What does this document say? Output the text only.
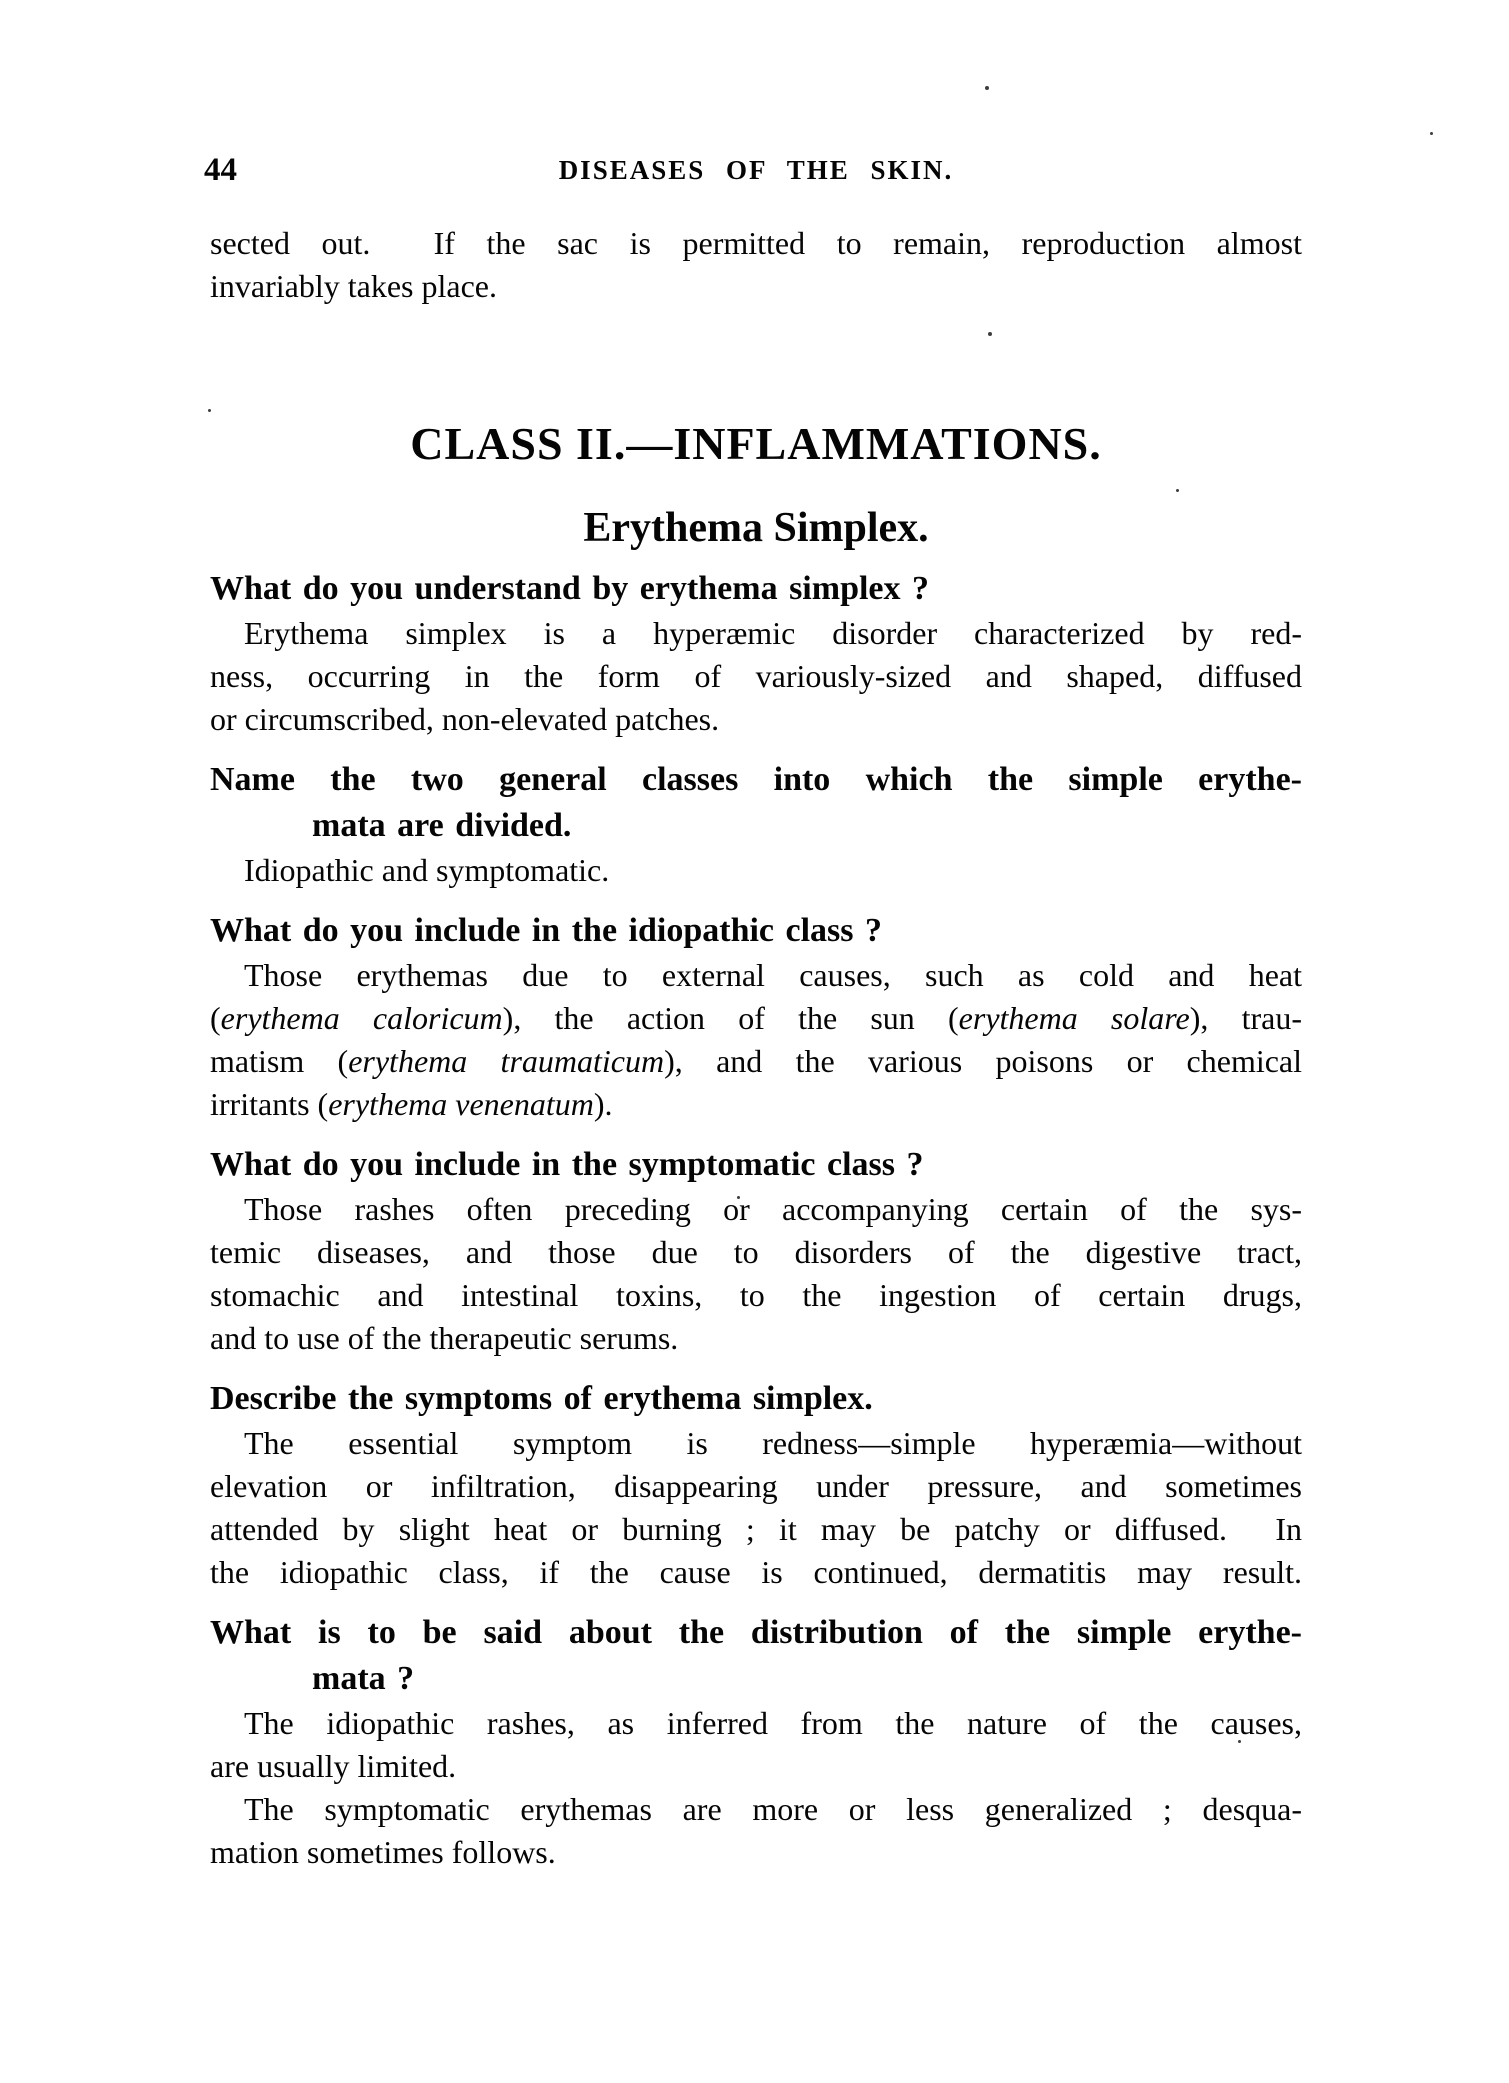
44	DISEASES OF THE SKIN.
sected out.  If the sac is permitted to remain, reproduction almost
invariably takes place.
CLASS II.—INFLAMMATIONS.
Erythema Simplex.
What do you understand by erythema simplex ?
Erythema simplex is a hyperæmic disorder characterized by red-
ness, occurring in the form of variously-sized and shaped, diffused
or circumscribed, non-elevated patches.
Name the two general classes into which the simple erythe-
mata are divided.
Idiopathic and symptomatic.
What do you include in the idiopathic class ?
Those erythemas due to external causes, such as cold and heat
(erythema caloricum), the action of the sun (erythema solare), trau-
matism (erythema traumaticum), and the various poisons or chemical
irritants (erythema venenatum).
What do you include in the symptomatic class ?
Those rashes often preceding or accompanying certain of the sys-
temic diseases, and those due to disorders of the digestive tract,
stomachic and intestinal toxins, to the ingestion of certain drugs,
and to use of the therapeutic serums.
Describe the symptoms of erythema simplex.
The essential symptom is redness—simple hyperæmia—without
elevation or infiltration, disappearing under pressure, and sometimes
attended by slight heat or burning ; it may be patchy or diffused.  In
the idiopathic class, if the cause is continued, dermatitis may result.
What is to be said about the distribution of the simple erythe-
mata ?
The idiopathic rashes, as inferred from the nature of the causes,
are usually limited.
The symptomatic erythemas are more or less generalized ; desqua-
mation sometimes follows.
